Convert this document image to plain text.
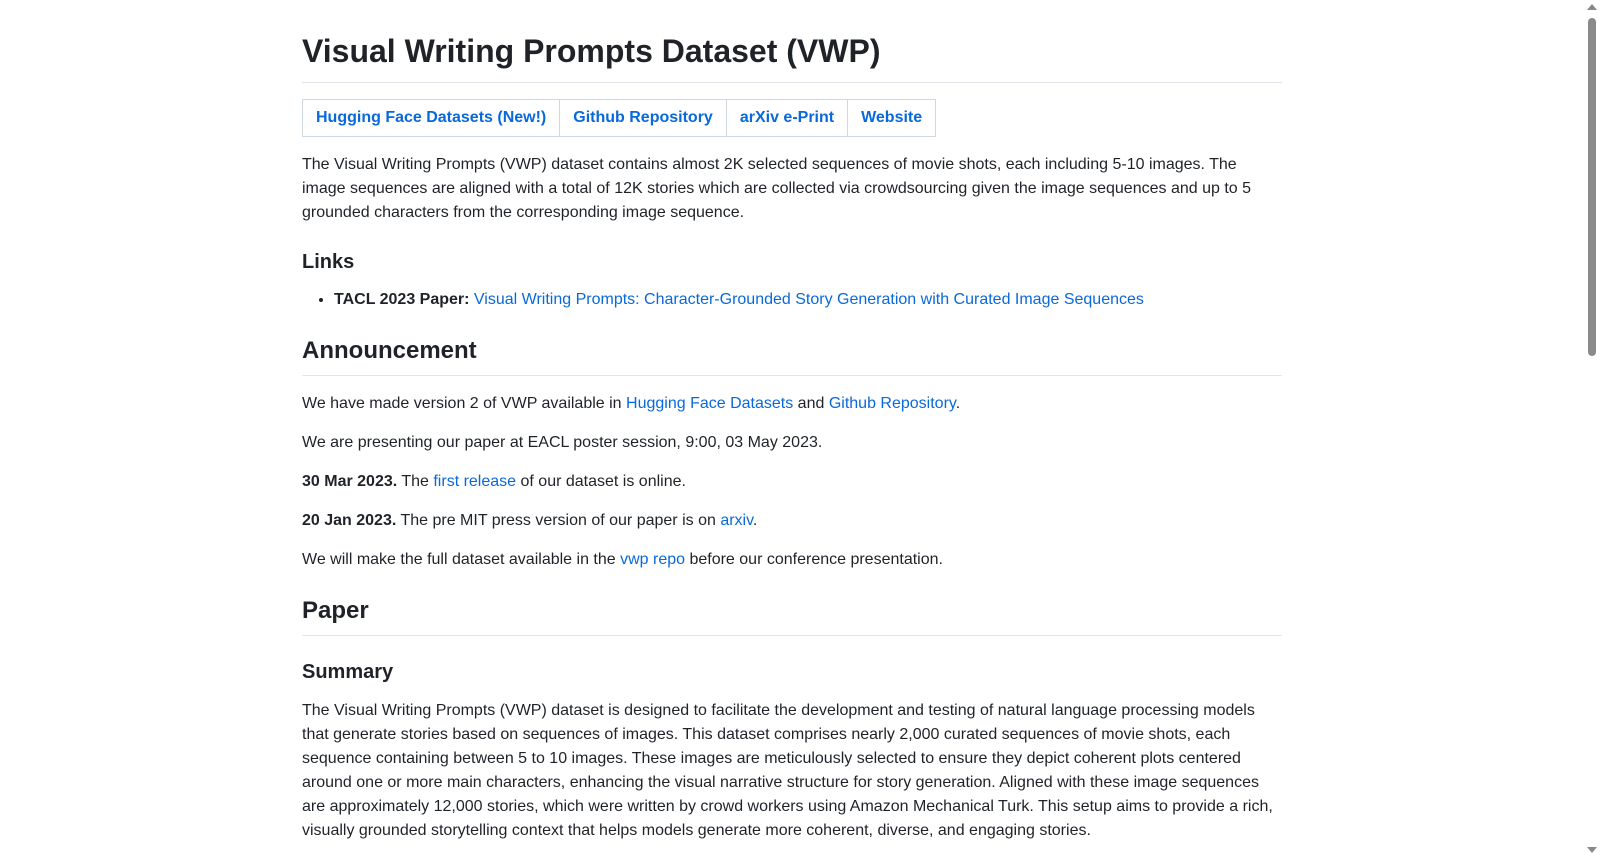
Visual Writing Prompts Dataset (VWP)
Hugging Face Datasets (New!)	Github Repository	arXiv e-Print	Website

The Visual Writing Prompts (VWP) dataset contains almost 2K selected sequences of movie shots, each including 5-10 images. The image sequences are aligned with a total of 12K stories which are collected via crowdsourcing given the image sequences and up to 5 grounded characters from the corresponding image sequence.

Links
• TACL 2023 Paper: Visual Writing Prompts: Character-Grounded Story Generation with Curated Image Sequences
Announcement

We have made version 2 of VWP available in Hugging Face Datasets and Github Repository.

We are presenting our paper at EACL poster session, 9:00, 03 May 2023.

30 Mar 2023. The first release of our dataset is online.

20 Jan 2023. The pre MIT press version of our paper is on arxiv.

We will make the full dataset available in the vwp repo before our conference presentation.

Paper
Summary

The Visual Writing Prompts (VWP) dataset is designed to facilitate the development and testing of natural language processing models that generate stories based on sequences of images. This dataset comprises nearly 2,000 curated sequences of movie shots, each sequence containing between 5 to 10 images. These images are meticulously selected to ensure they depict coherent plots centered around one or more main characters, enhancing the visual narrative structure for story generation. Aligned with these image sequences are approximately 12,000 stories, which were written by crowd workers using Amazon Mechanical Turk. This setup aims to provide a rich, visually grounded storytelling context that helps models generate more coherent, diverse, and engaging stories.
